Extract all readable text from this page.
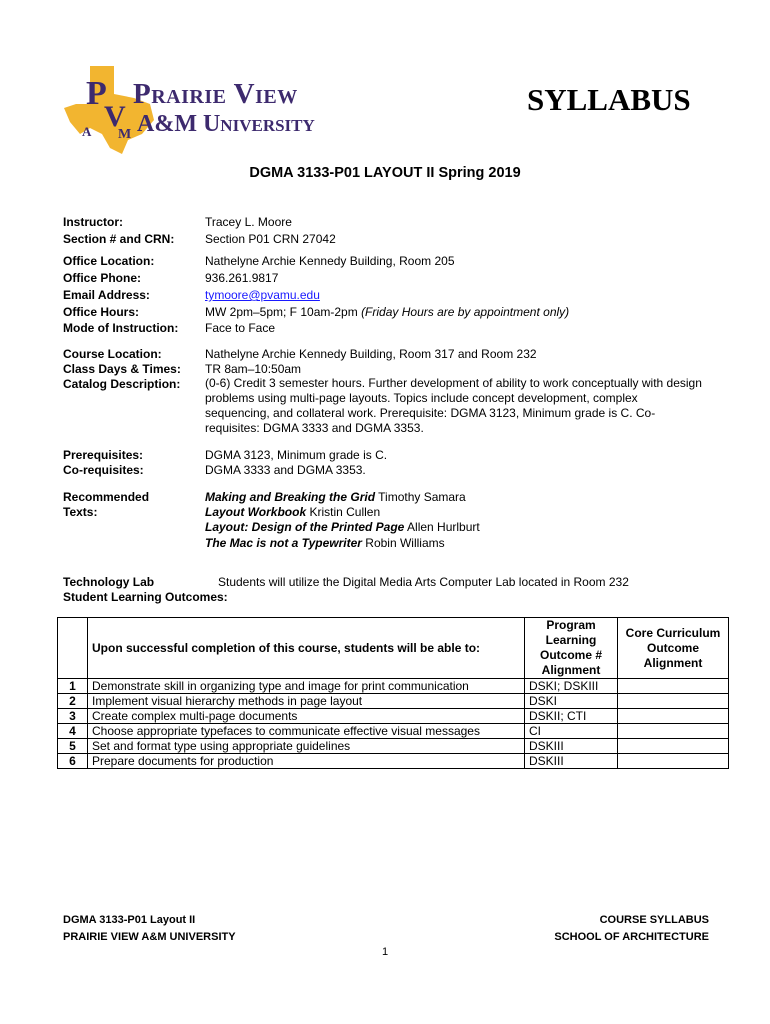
P
V
A M
Prairie View
A&M University
SYLLABUS
DGMA 3133-P01 LAYOUT II Spring 2019
Instructor:	Tracey L. Moore
Section # and CRN:	Section P01 CRN 27042
Office Location:	Nathelyne Archie Kennedy Building, Room 205
Office Phone:	936.261.9817
Email Address:	tymoore@pvamu.edu
Office Hours:	MW 2pm–5pm; F 10am-2pm (Friday Hours are by appointment only)
Mode of Instruction: Face to Face
Course Location:	Nathelyne Archie Kennedy Building, Room 317 and Room 232
Class Days & Times: TR 8am–10:50am
Catalog Description: (0-6) Credit 3 semester hours. Further development of ability to work conceptually with design problems using multi-page layouts. Topics include concept development, complex sequencing, and collateral work. Prerequisite: DGMA 3123, Minimum grade is C. Co-requisites: DGMA 3333 and DGMA 3353.
Prerequisites:	DGMA 3123, Minimum grade is C.
Co-requisites:	DGMA 3333 and DGMA 3353.
Recommended
Texts:
Making and Breaking the Grid Timothy Samara
Layout Workbook Kristin Cullen
Layout: Design of the Printed Page Allen Hurlburt
The Mac is not a Typewriter Robin Williams
Technology Lab	Students will utilize the Digital Media Arts Computer Lab located in Room 232
Student Learning Outcomes:
	Upon successful completion of this course, students will be able to:	Program Learning Outcome # Alignment	Core Curriculum Outcome Alignment
1	Demonstrate skill in organizing type and image for print communication	DSKI; DSKIII	
2	Implement visual hierarchy methods in page layout	DSKI	
3	Create complex multi-page documents	DSKII; CTI	
4	Choose appropriate typefaces to communicate effective visual messages	CI	
5	Set and format type using appropriate guidelines	DSKIII	
6	Prepare documents for production	DSKIII	
DGMA 3133-P01 Layout II
PRAIRIE VIEW A&M UNIVERSITY
COURSE SYLLABUS
SCHOOL OF ARCHITECTURE
1
